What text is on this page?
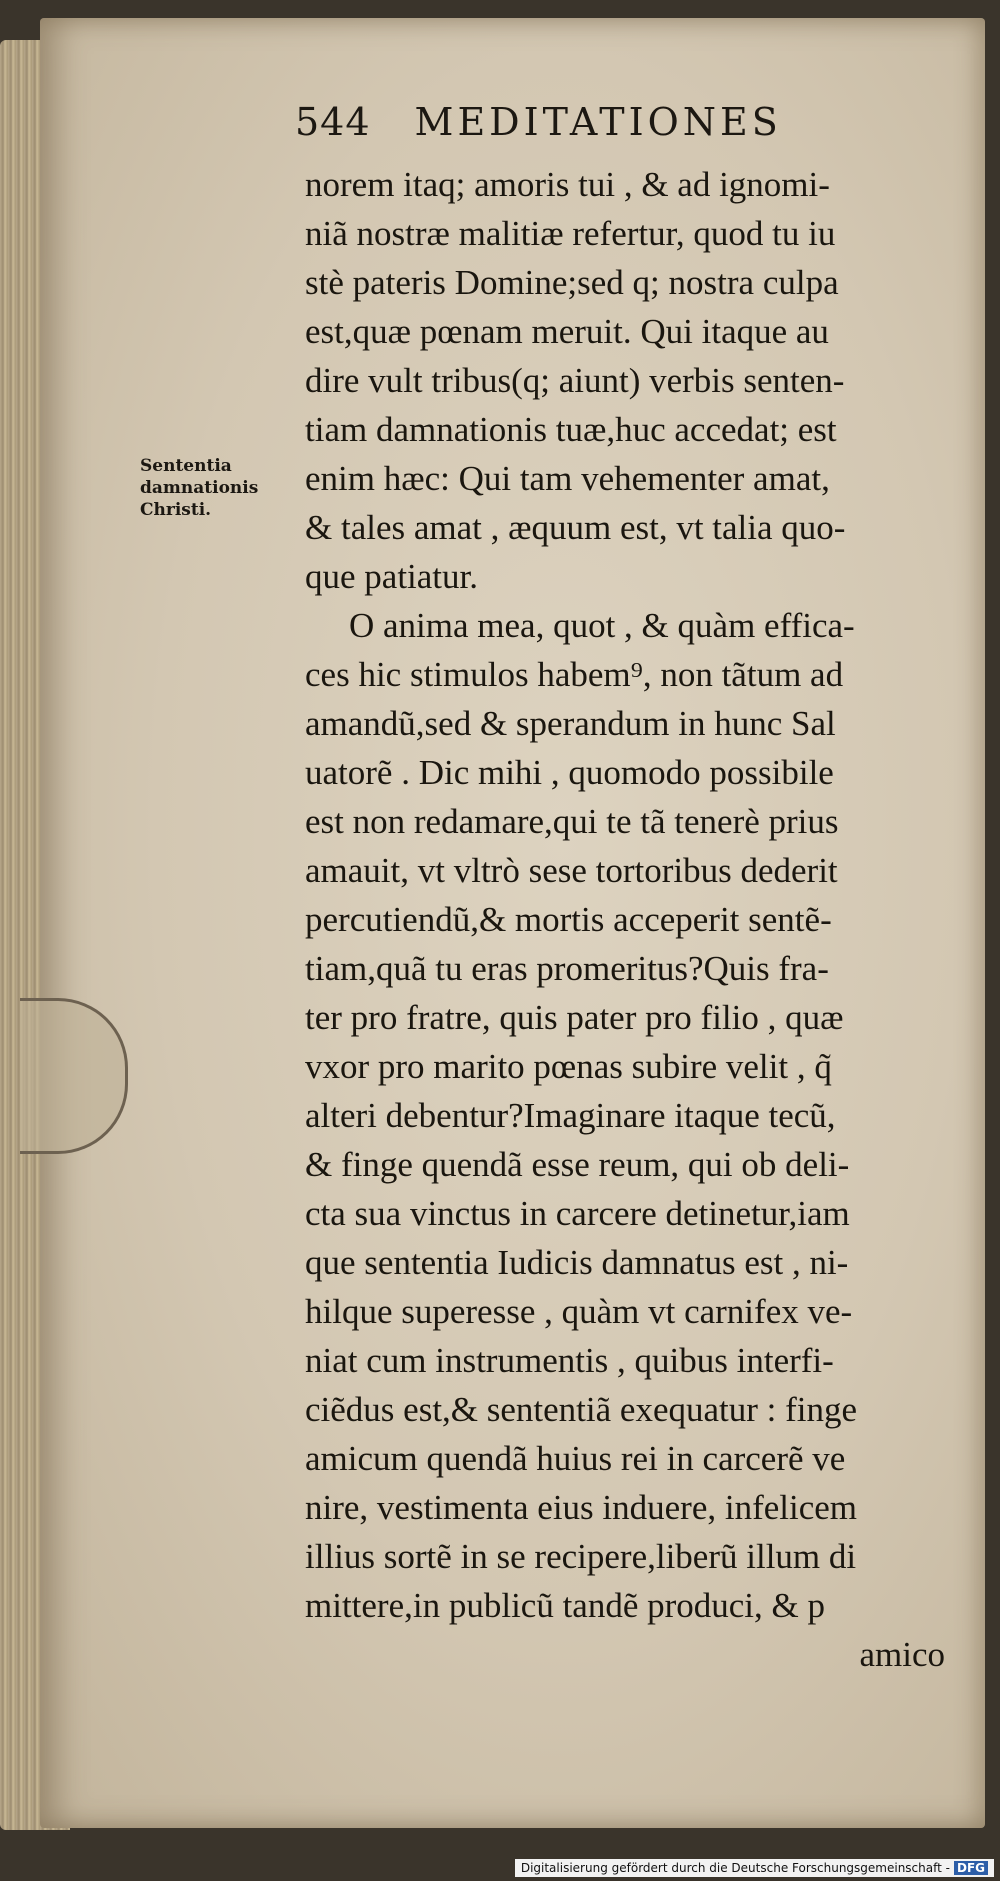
544 MEDITATIONES
Sententia
damnationis
Christi.
norem itaq; amoris tui , & ad ignomi-
niã nostræ malitiæ refertur, quod tu iu
stè pateris Domine;sed q; nostra culpa
est,quæ pœnam meruit. Qui itaque au
dire vult tribus(q; aiunt) verbis senten-
tiam damnationis tuæ,huc accedat; est
enim hæc: Qui tam vehementer amat,
& tales amat , æquum est, vt talia quo-
que patiatur.
O anima mea, quot , & quàm effica-
ces hic stimulos habem⁹, non tãtum ad
amandũ,sed & sperandum in hunc Sal
uatorẽ . Dic mihi , quomodo possibile
est non redamare,qui te tã tenerè prius
amauit, vt vltrò sese tortoribus dederit
percutiendũ,& mortis acceperit sentẽ-
tiam,quã tu eras promeritus?Quis fra-
ter pro fratre, quis pater pro filio , quæ
vxor pro marito pœnas subire velit , q̃
alteri debentur?Imaginare itaque tecũ,
& finge quendã esse reum, qui ob deli-
cta sua vinctus in carcere detinetur,iam
que sententia Iudicis damnatus est , ni-
hilque superesse , quàm vt carnifex ve-
niat cum instrumentis , quibus interfi-
ciẽdus est,& sententiã exequatur : finge
amicum quendã huius rei in carcerẽ ve
nire, vestimenta eius induere, infelicem
illius sortẽ in se recipere,liberũ illum di
mittere,in publicũ tandẽ produci, & p
amico
Digitalisierung gefördert durch die Deutsche Forschungsgemeinschaft - DFG
